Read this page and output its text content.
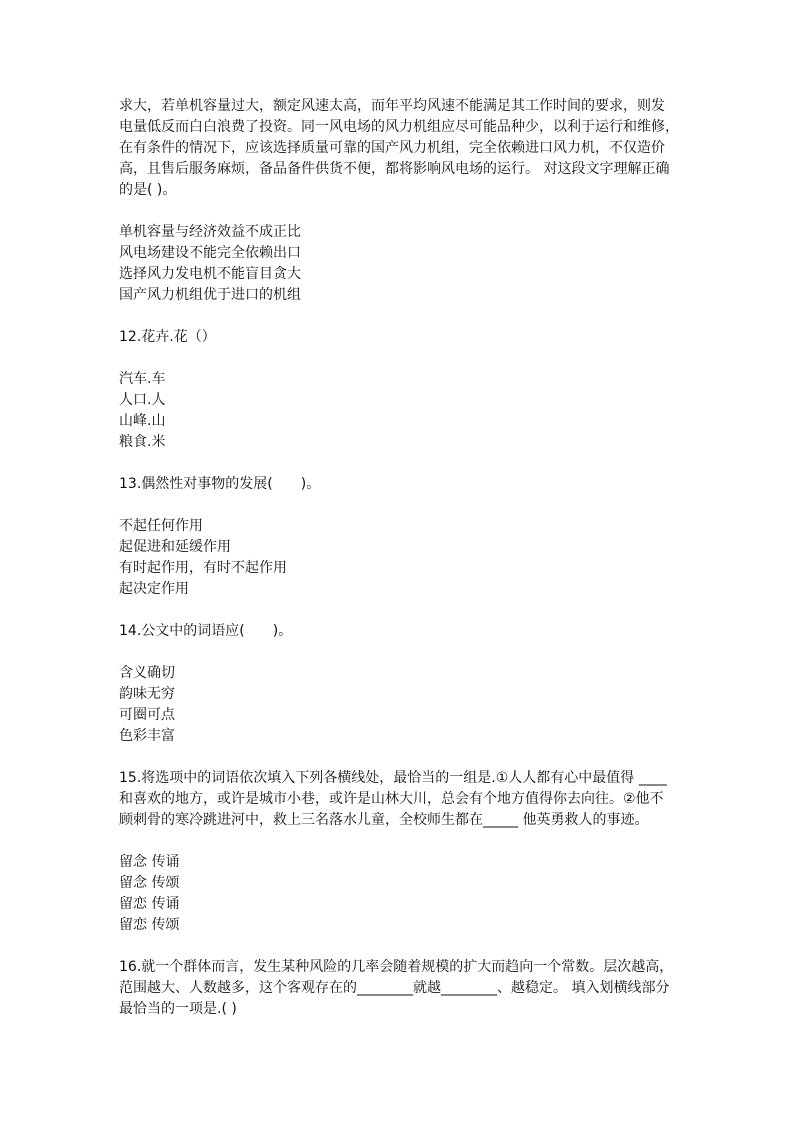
求大，若单机容量过大，额定风速太高，而年平均风速不能满足其工作时间的要求，则发

电量低反而白白浪费了投资。同一风电场的风力机组应尽可能品种少，以利于运行和维修，

在有条件的情况下，应该选择质量可靠的国产风力机组，完全依赖进口风力机，不仅造价

高，且售后服务麻烦，备品备件供货不便，都将影响风电场的运行。 对这段文字理解正确

的是( )。

单机容量与经济效益不成正比

风电场建设不能完全依赖出口

选择风力发电机不能盲目贪大

国产风力机组优于进口的机组

12.花卉.花（）

汽车.车

人口.人

山峰.山

粮食.米

13.偶然性对事物的发展(　　)。

不起任何作用

起促进和延缓作用

有时起作用，有时不起作用

起决定作用

14.公文中的词语应(　　)。

含义确切

韵味无穷

可圈可点

色彩丰富

15.将选项中的词语依次填入下列各横线处，最恰当的一组是.①人人都有心中最值得 ____

和喜欢的地方，或许是城市小巷，或许是山林大川，总会有个地方值得你去向往。②他不

顾刺骨的寒冷跳进河中，救上三名落水儿童，全校师生都在_____ 他英勇救人的事迹。

留念 传诵

留念 传颂

留恋 传诵

留恋 传颂

16.就一个群体而言，发生某种风险的几率会随着规模的扩大而趋向一个常数。层次越高，

范围越大、人数越多，这个客观存在的________就越________、越稳定。 填入划横线部分

最恰当的一项是.( )
